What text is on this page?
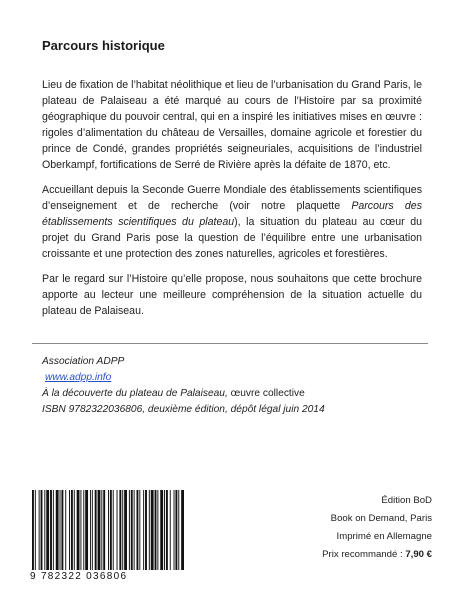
Parcours historique

Lieu de fixation de l’habitat néolithique et lieu de l’urbanisation du Grand Paris, le plateau de Palaiseau a été marqué au cours de l’Histoire par sa proximité géographique du pouvoir central, qui en a inspiré les initiatives mises en œuvre : rigoles d’alimentation du château de Versailles, domaine agricole et forestier du prince de Condé, grandes propriétés seigneuriales, acquisitions de l’industriel Oberkampf, fortifications de Serré de Rivière après la défaite de 1870, etc.

Accueillant depuis la Seconde Guerre Mondiale des établissements scientifiques d’enseignement et de recherche (voir notre plaquette Parcours des établissements scientifiques du plateau), la situation du plateau au cœur du projet du Grand Paris pose la question de l’équilibre entre une urbanisation croissante et une protection des zones naturelles, agricoles et forestières.

Par le regard sur l’Histoire qu’elle propose, nous souhaitons que cette brochure apporte au lecteur une meilleure compréhension de la situation actuelle du plateau de Palaiseau.

Association ADPP
www.adpp.info
À la découverte du plateau de Palaiseau, œuvre collective
ISBN 9782322036806, deuxième édition, dépôt légal juin 2014
9 782322 036806
Édition BoD
Book on Demand, Paris
Imprimé en Allemagne
Prix recommandé : 7,90 €
